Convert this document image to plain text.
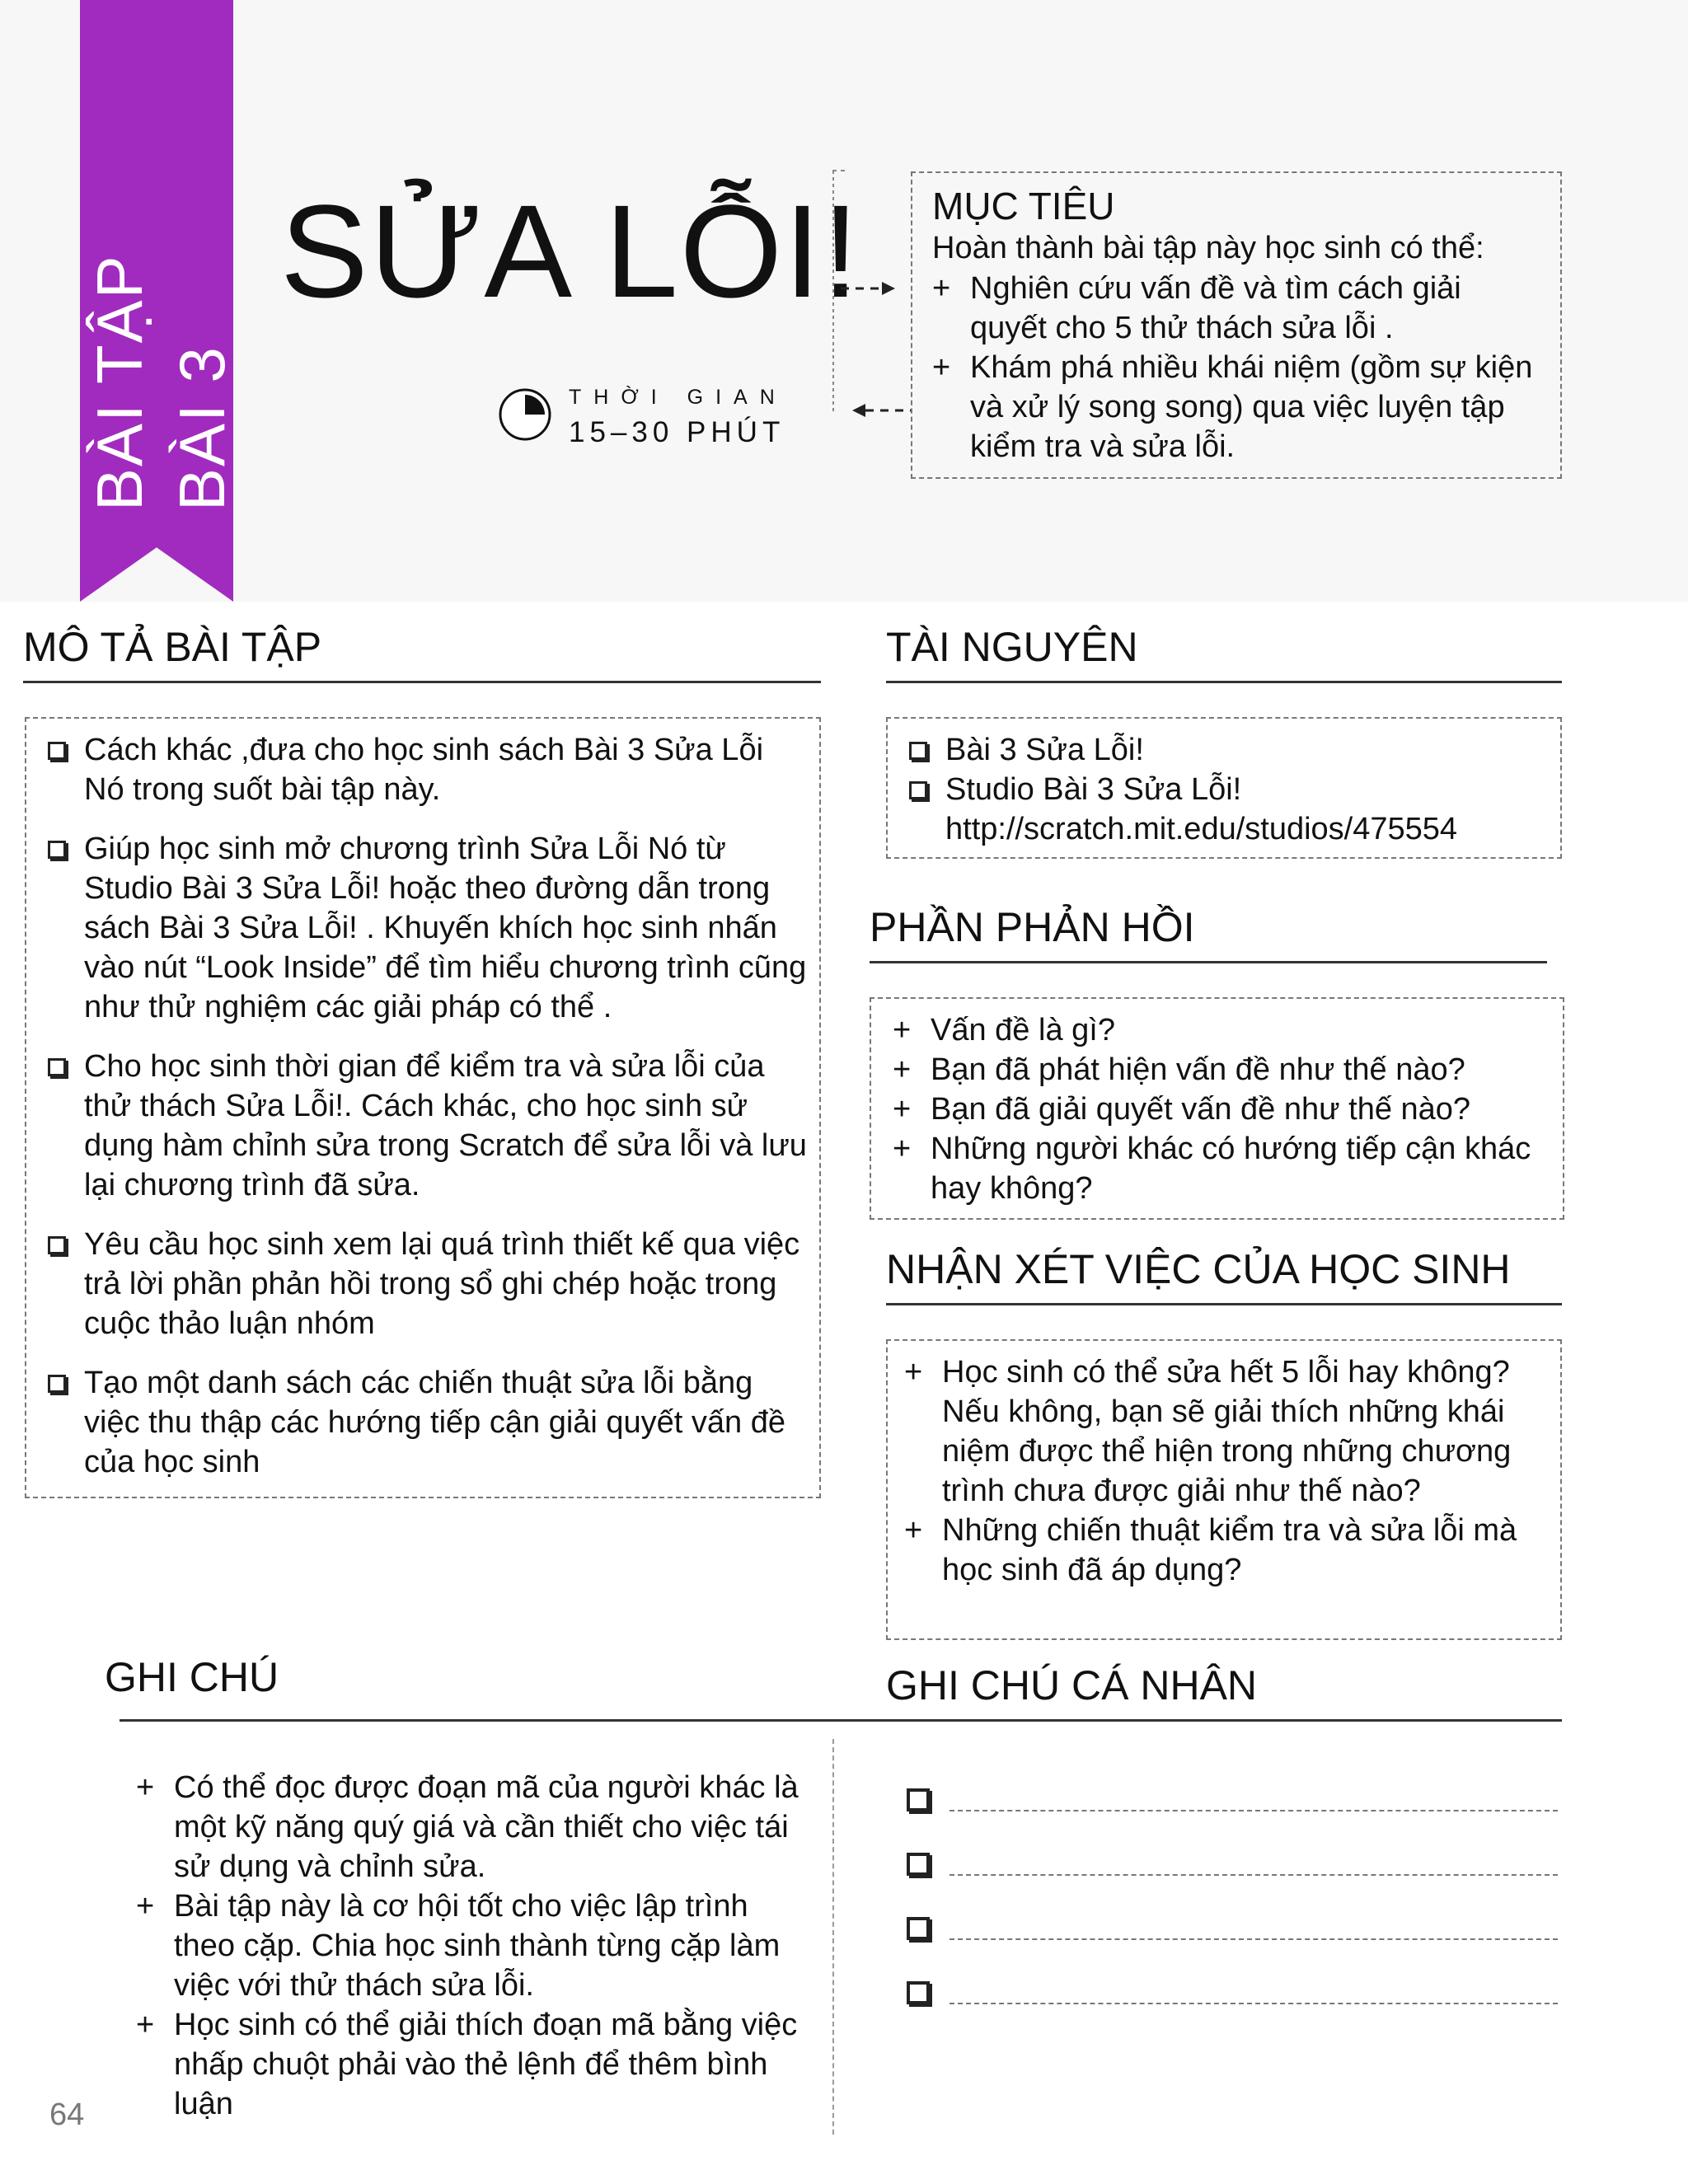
BÀI 3
BÀI TẬP
SỬA LỖI!
THỜI GIAN
15–30 PHÚT
MỤC TIÊU
Hoàn thành bài tập này học sinh có thể:
+ Nghiên cứu vấn đề và tìm cách giải quyết cho 5 thử thách sửa lỗi .
+ Khám phá nhiều khái niệm (gồm sự kiện và xử lý song song) qua việc luyện tập kiểm tra và sửa lỗi.
MÔ TẢ BÀI TẬP
Cách khác ,đưa cho học sinh sách Bài 3 Sửa Lỗi Nó trong suốt bài tập này.
Giúp học sinh mở chương trình Sửa Lỗi Nó từ Studio Bài 3 Sửa Lỗi! hoặc theo đường dẫn trong sách Bài 3 Sửa Lỗi! . Khuyến khích học sinh nhấn vào nút “Look Inside” để tìm hiểu chương trình cũng như thử nghiệm các giải pháp có thể .
Cho học sinh thời gian để kiểm tra và sửa lỗi của thử thách Sửa Lỗi!. Cách khác, cho học sinh sử dụng hàm chỉnh sửa trong Scratch để sửa lỗi và lưu lại chương trình đã sửa.
Yêu cầu học sinh xem lại quá trình thiết kế qua việc trả lời phần phản hồi trong sổ ghi chép hoặc trong cuộc thảo luận nhóm
Tạo một danh sách các chiến thuật sửa lỗi bằng việc thu thập các hướng tiếp cận giải quyết vấn đề của học sinh
TÀI NGUYÊN
Bài 3 Sửa Lỗi!
Studio Bài 3 Sửa Lỗi!
http://scratch.mit.edu/studios/475554
PHẦN PHẢN HỒI
+ Vấn đề là gì?
+ Bạn đã phát hiện vấn đề như thế nào?
+ Bạn đã giải quyết vấn đề như thế nào?
+ Những người khác có hướng tiếp cận khác hay không?
NHẬN XÉT VIỆC CỦA HỌC SINH
+ Học sinh có thể sửa hết 5 lỗi hay không? Nếu không, bạn sẽ giải thích những khái niệm được thể hiện trong những chương trình chưa được giải như thế nào?
+ Những chiến thuật kiểm tra và sửa lỗi mà học sinh đã áp dụng?
GHI CHÚ	GHI CHÚ CÁ NHÂN
+ Có thể đọc được đoạn mã của người khác là một kỹ năng quý giá và cần thiết cho việc tái sử dụng và chỉnh sửa.
+ Bài tập này là cơ hội tốt cho việc lập trình theo cặp. Chia học sinh thành từng cặp làm việc với thử thách sửa lỗi.
+ Học sinh có thể giải thích đoạn mã bằng việc nhấp chuột phải vào thẻ lệnh để thêm bình luận
64
